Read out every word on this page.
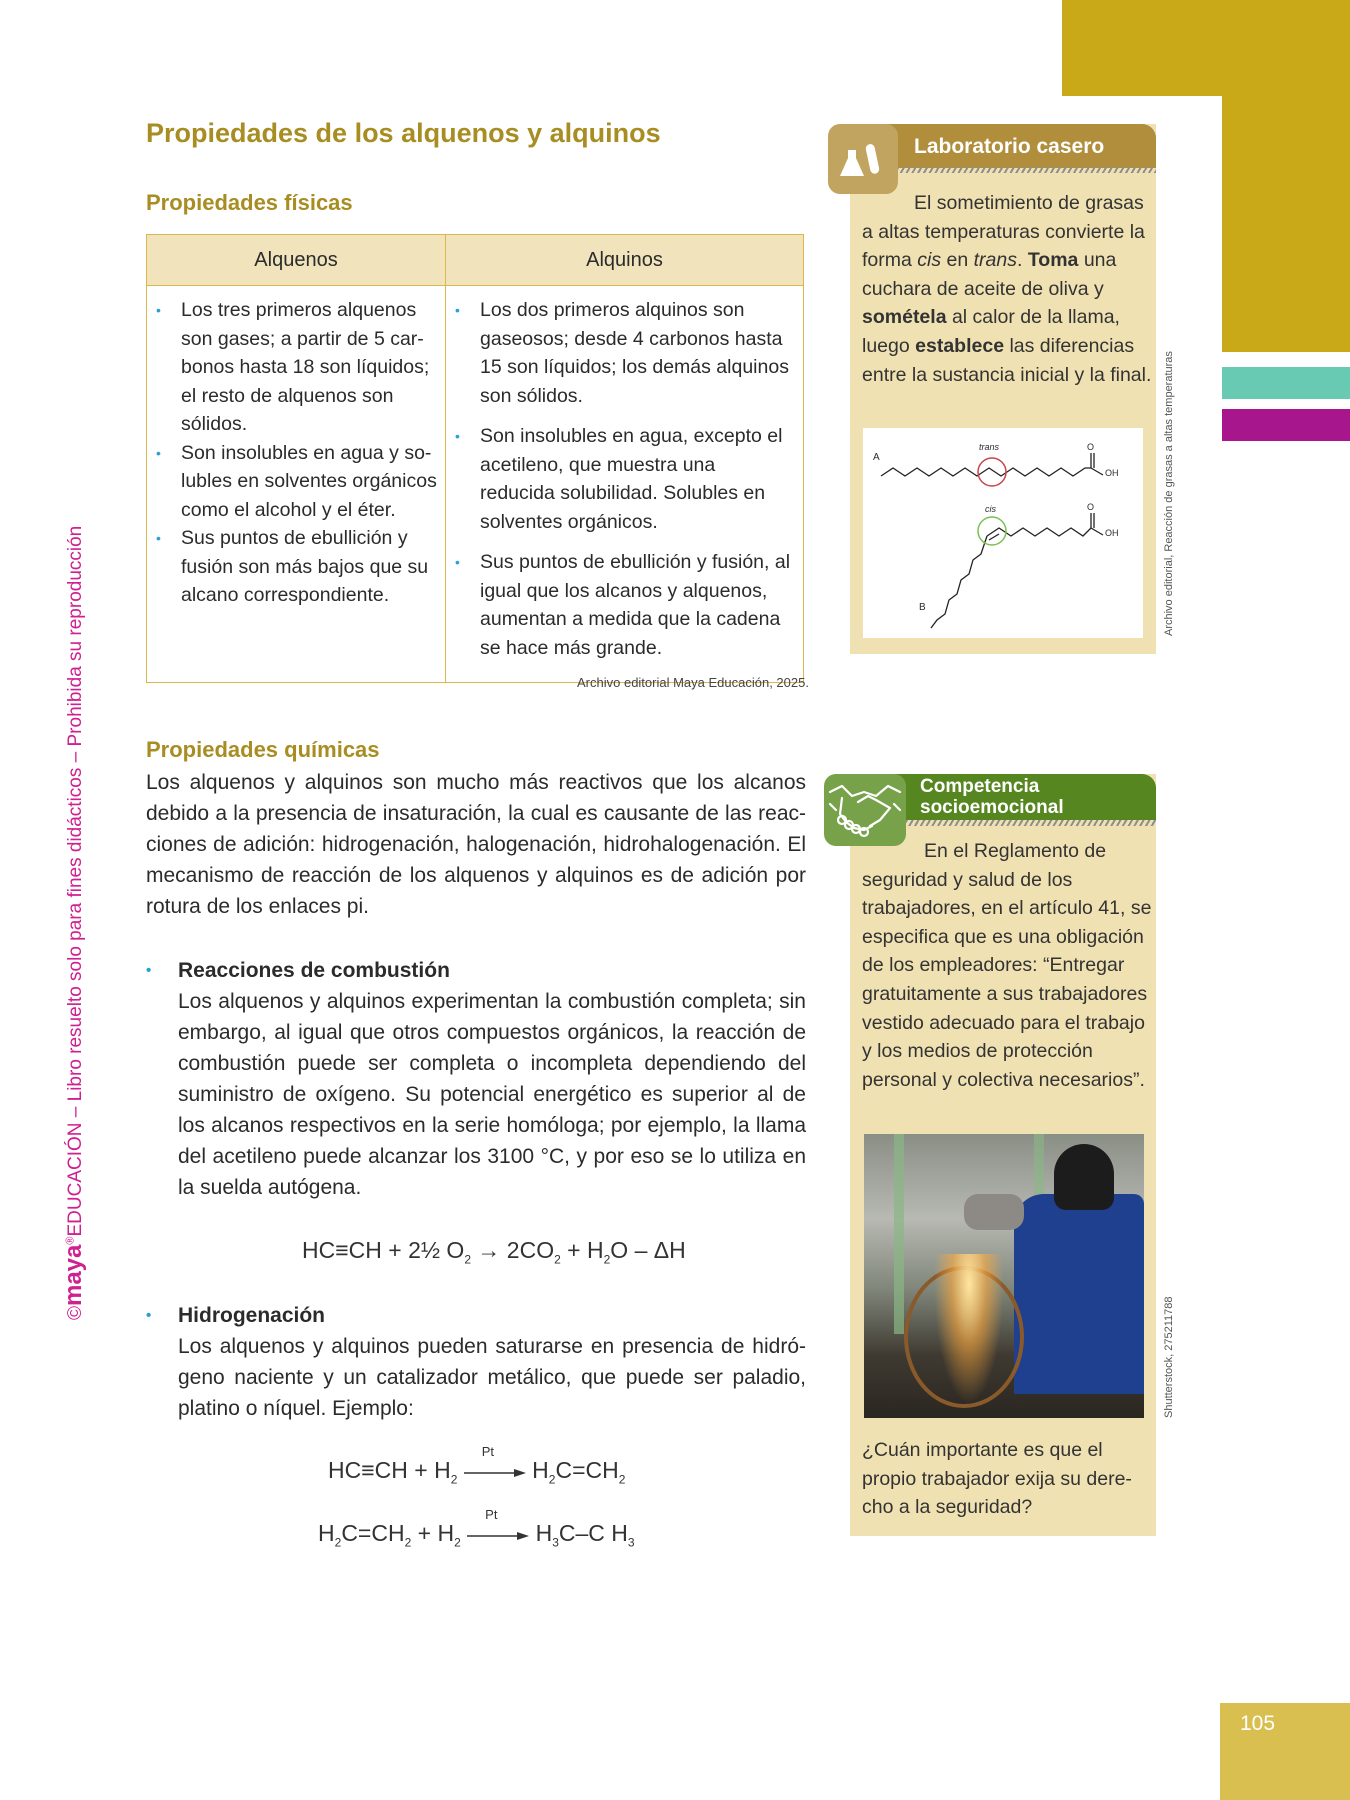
105
©maya®EDUCACIÓN – Libro resuelto solo para fines didácticos – Prohibida su reproducción
Propiedades de los alquenos y alquinos
Propiedades físicas
Alquenos	Alquinos

• Los tres primeros alquenos son gases; a partir de 5 car-bonos hasta 18 son líquidos; el resto de alquenos son sólidos.
• Son insolubles en agua y so-lubles en solventes orgánicos como el alcohol y el éter.
• Sus puntos de ebullición y fusión son más bajos que su alcano correspondiente.

• Los dos primeros alquinos son gaseosos; desde 4 carbonos hasta 15 son líquidos; los demás alquinos son sólidos.
• Son insolubles en agua, excepto el acetileno, que muestra una reducida solubilidad. Solubles en solventes orgánicos.
• Sus puntos de ebullición y fusión, al igual que los alcanos y alquenos, aumentan a medida que la cadena se hace más grande.
Archivo editorial Maya Educación, 2025.
Propiedades químicas
Los alquenos y alquinos son mucho más reactivos que los alcanos debido a la presencia de insaturación, la cual es causante de las reac-ciones de adición: hidrogenación, halogenación, hidrohalogenación. El mecanismo de reacción de los alquenos y alquinos es de adición por rotura de los enlaces pi.
• Reacciones de combustión
Los alquenos y alquinos experimentan la combustión completa; sin embargo, al igual que otros compuestos orgánicos, la reacción de combustión puede ser completa o incompleta dependiendo del suministro de oxígeno. Su potencial energético es superior al de los alcanos respectivos en la serie homóloga; por ejemplo, la llama del acetileno puede alcanzar los 3100 °C, y por eso se lo utiliza en la suelda autógena.
HC≡CH + 2½ $O_2 \to 2CO_2 + H_2O - \Delta H$
• Hidrogenación
Los alquenos y alquinos pueden saturarse en presencia de hidró-geno naciente y un catalizador metálico, que puede ser paladio, platino o níquel. Ejemplo:
$HC\equiv CH + H_2$
Pt
$H_2C=CH_2$
$H_2C=CH_2 + H_2$
Pt
$H_3C-C$ $H_3$
Laboratorio casero
El sometimiento de grasas a altas temperaturas convierte la forma cis en trans. Toma una cuchara de aceite de oliva y sométela al calor de la llama, luego establece las diferencias entre la sustancia inicial y la final.
A
trans	O
OH
cis	O
OH
B	Archivo editorial, Reacción de grasas a altas temperaturas
Competencia
socioemocional
En el Reglamento de seguridad y salud de los trabajadores, en el artículo 41, se especifica que es una obligación de los empleadores: “Entregar gratuitamente a sus trabajadores vestido adecuado para el trabajo y los medios de protección personal y colectiva necesarios”.
Shutterstock, 275211788
¿Cuán importante es que el propio trabajador exija su dere-cho a la seguridad?
